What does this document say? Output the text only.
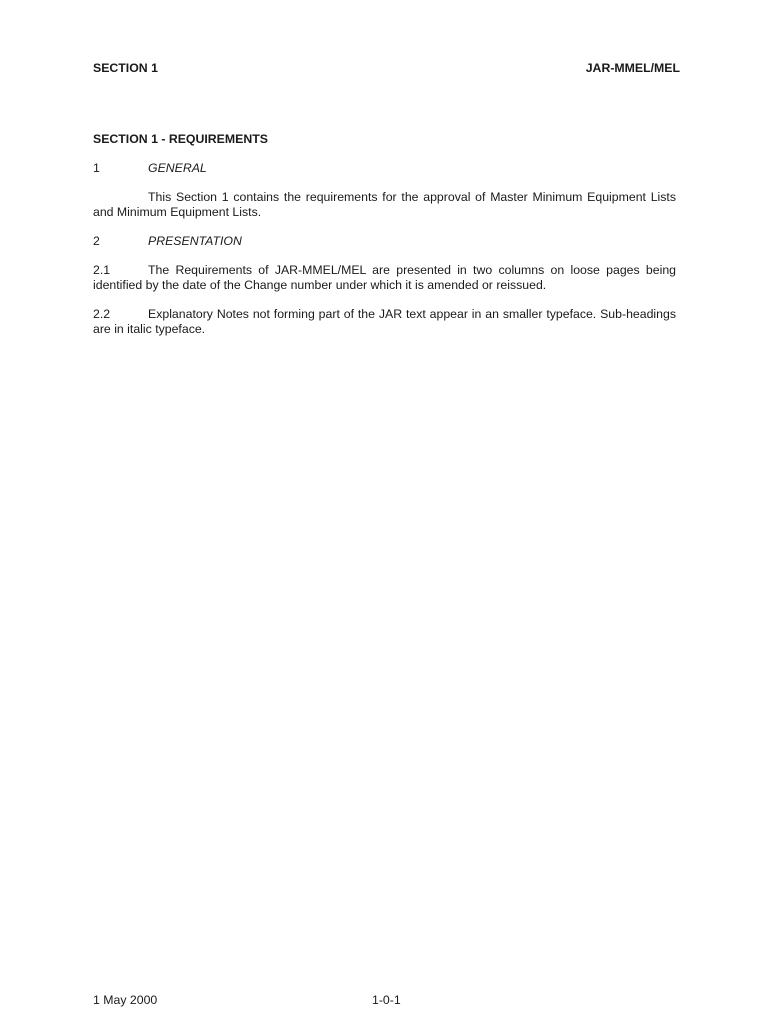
SECTION 1	JAR-MMEL/MEL
SECTION 1 - REQUIREMENTS
1	GENERAL
This Section 1 contains the requirements for the approval of Master Minimum Equipment Lists and Minimum Equipment Lists.
2	PRESENTATION
2.1	The Requirements of JAR-MMEL/MEL are presented in two columns on loose pages being identified by the date of the Change number under which it is amended or reissued.
2.2	Explanatory Notes not forming part of the JAR text appear in an smaller typeface. Sub-headings are in italic typeface.
1 May 2000	1-0-1
